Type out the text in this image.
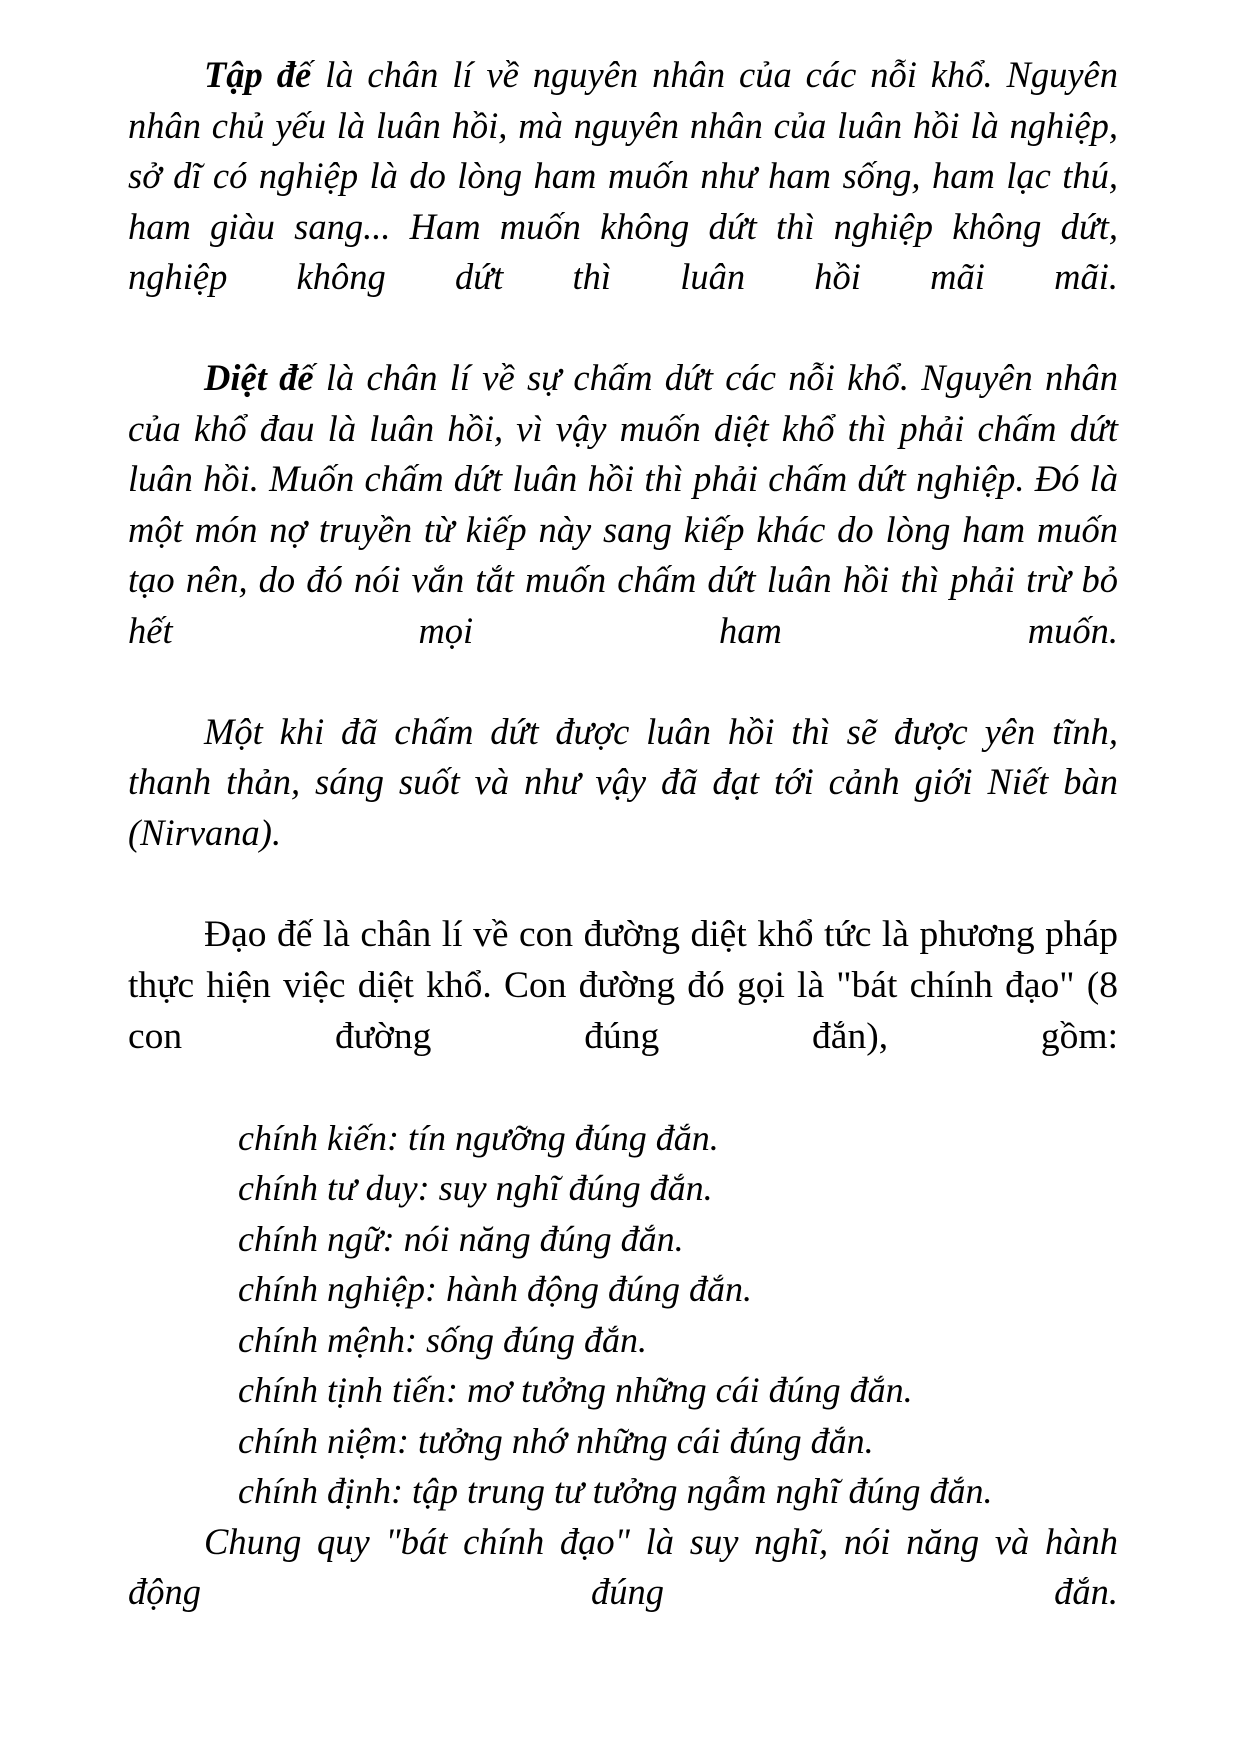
Tập đế là chân lí về nguyên nhân của các nỗi khổ. Nguyên nhân chủ yếu là luân hồi, mà nguyên nhân của luân hồi là nghiệp, sở dĩ có nghiệp là do lòng ham muốn như ham sống, ham lạc thú, ham giàu sang... Ham muốn không dứt thì nghiệp không dứt, nghiệp không dứt thì luân hồi mãi mãi.

Diệt đế là chân lí về sự chấm dứt các nỗi khổ. Nguyên nhân của khổ đau là luân hồi, vì vậy muốn diệt khổ thì phải chấm dứt luân hồi. Muốn chấm dứt luân hồi thì phải chấm dứt nghiệp. Đó là một món nợ truyền từ kiếp này sang kiếp khác do lòng ham muốn tạo nên, do đó nói vắn tắt muốn chấm dứt luân hồi thì phải trừ bỏ hết mọi ham muốn.

Một khi đã chấm dứt được luân hồi thì sẽ được yên tĩnh, thanh thản, sáng suốt và như vậy đã đạt tới cảnh giới Niết bàn (Nirvana).

Đạo đế là chân lí về con đường diệt khổ tức là phương pháp thực hiện việc diệt khổ. Con đường đó gọi là "bát chính đạo" (8 con đường đúng đắn), gồm:

chính kiến: tín ngưỡng đúng đắn.
chính tư duy: suy nghĩ đúng đắn.
chính ngữ: nói năng đúng đắn.
chính nghiệp: hành động đúng đắn.
chính mệnh: sống đúng đắn.
chính tịnh tiến: mơ tưởng những cái đúng đắn.
chính niệm: tưởng nhớ những cái đúng đắn.
chính định: tập trung tư tưởng ngẫm nghĩ đúng đắn.

Chung quy "bát chính đạo" là suy nghĩ, nói năng và hành động đúng đắn.
